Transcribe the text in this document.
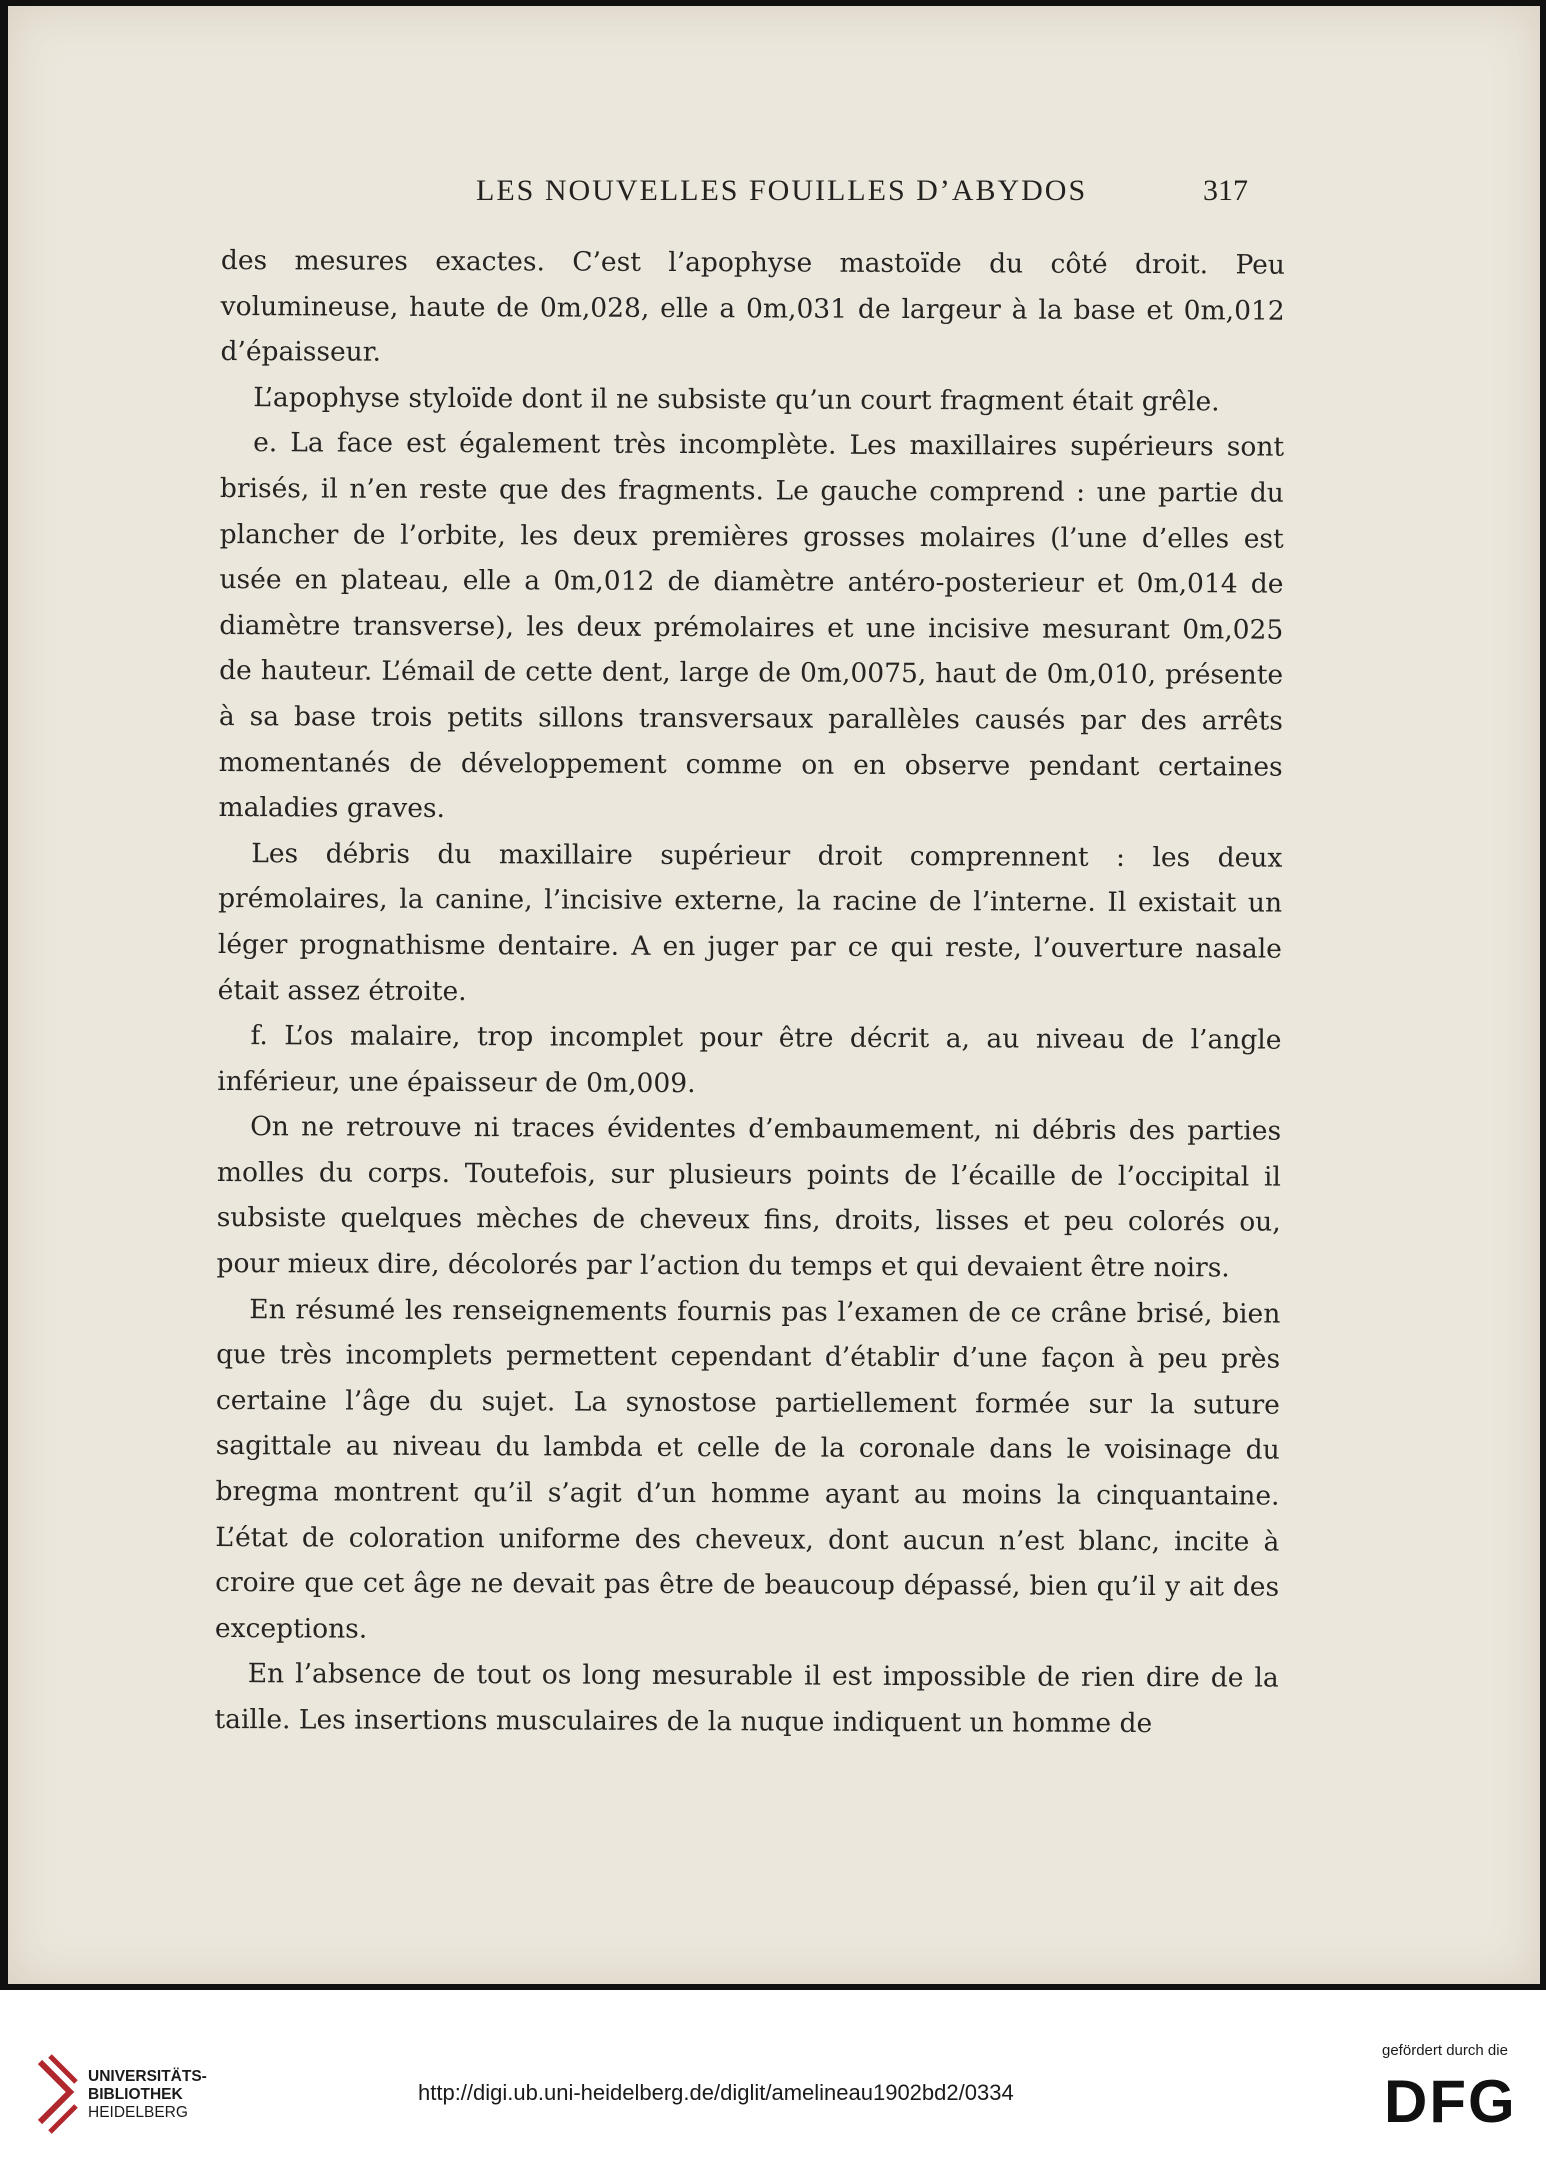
LES NOUVELLES FOUILLES D’ABYDOS	317

des mesures exactes. C’est l’apophyse mastoïde du côté droit. Peu volumineuse, haute de 0m,028, elle a 0m,031 de largeur à la base et 0m,012 d’épaisseur.

L’apophyse styloïde dont il ne subsiste qu’un court fragment était grêle.

e. La face est également très incomplète. Les maxillaires supérieurs sont brisés, il n’en reste que des fragments. Le gauche comprend : une partie du plancher de l’orbite, les deux premières grosses molaires (l’une d’elles est usée en plateau, elle a 0m,012 de diamètre antéro-posterieur et 0m,014 de diamètre transverse), les deux prémolaires et une incisive mesurant 0m,025 de hauteur. L’émail de cette dent, large de 0m,0075, haut de 0m,010, présente à sa base trois petits sillons transversaux parallèles causés par des arrêts momentanés de développement comme on en observe pendant certaines maladies graves.

Les débris du maxillaire supérieur droit comprennent : les deux prémolaires, la canine, l’incisive externe, la racine de l’interne. Il existait un léger prognathisme dentaire. A en juger par ce qui reste, l’ouverture nasale était assez étroite.

f. L’os malaire, trop incomplet pour être décrit a, au niveau de l’angle inférieur, une épaisseur de 0m,009.

On ne retrouve ni traces évidentes d’embaumement, ni débris des parties molles du corps. Toutefois, sur plusieurs points de l’écaille de l’occipital il subsiste quelques mèches de cheveux fins, droits, lisses et peu colorés ou, pour mieux dire, décolorés par l’action du temps et qui devaient être noirs.

En résumé les renseignements fournis pas l’examen de ce crâne brisé, bien que très incomplets permettent cependant d’établir d’une façon à peu près certaine l’âge du sujet. La synostose partiellement formée sur la suture sagittale au niveau du lambda et celle de la coronale dans le voisinage du bregma montrent qu’il s’agit d’un homme ayant au moins la cinquantaine. L’état de coloration uniforme des cheveux, dont aucun n’est blanc, incite à croire que cet âge ne devait pas être de beaucoup dépassé, bien qu’il y ait des exceptions.

En l’absence de tout os long mesurable il est impossible de rien dire de la taille. Les insertions musculaires de la nuque indiquent un homme de

UNIVERSITÄTS-
BIBLIOTHEK
HEIDELBERG
http://digi.ub.uni-heidelberg.de/diglit/amelineau1902bd2/0334
gefördert durch die
DFG
